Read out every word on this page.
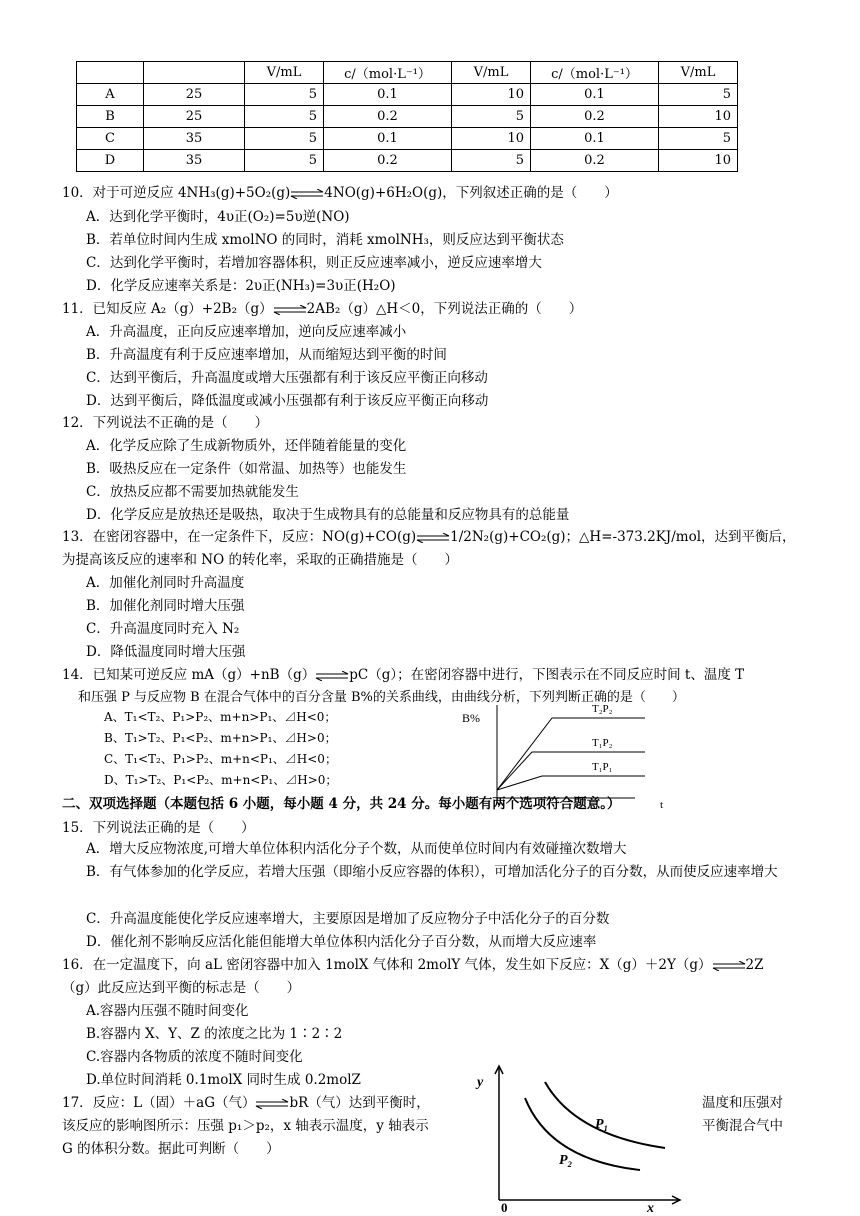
		V/mL	c/（mol·L⁻¹）	V/mL	c/（mol·L⁻¹）	V/mL
A	25	5	0.1	10	0.1	5
B	25	5	0.2	5	0.2	10
C	35	5	0.1	10	0.1	5
D	35	5	0.2	5	0.2	10
10．对于可逆反应 4NH₃(g)+5O₂(g)⇌4NO(g)+6H₂O(g)，下列叙述正确的是（　　）
A．达到化学平衡时，4υ正(O₂)=5υ逆(NO)
B．若单位时间内生成 xmolNO 的同时，消耗 xmolNH₃，则反应达到平衡状态
C．达到化学平衡时，若增加容器体积，则正反应速率减小，逆反应速率增大
D．化学反应速率关系是：2υ正(NH₃)=3υ正(H₂O)
11．已知反应 A₂（g）+2B₂（g）⇌2AB₂（g）△H＜0，下列说法正确的（　　）
A．升高温度，正向反应速率增加，逆向反应速率减小
B．升高温度有利于反应速率增加，从而缩短达到平衡的时间
C．达到平衡后，升高温度或增大压强都有利于该反应平衡正向移动
D．达到平衡后，降低温度或减小压强都有利于该反应平衡正向移动
12．下列说法不正确的是（　　）
A．化学反应除了生成新物质外，还伴随着能量的变化
B．吸热反应在一定条件（如常温、加热等）也能发生
C．放热反应都不需要加热就能发生
D．化学反应是放热还是吸热，取决于生成物具有的总能量和反应物具有的总能量
13．在密闭容器中，在一定条件下，反应：NO(g)+CO(g)⇌1/2N₂(g)+CO₂(g)；△H=-373.2KJ/mol，达到平衡后，
为提高该反应的速率和 NO 的转化率，采取的正确措施是（　　）
A．加催化剂同时升高温度
B．加催化剂同时增大压强
C．升高温度同时充入 N₂
D．降低温度同时增大压强
14．已知某可逆反应 mA（g）+nB（g）⇌pC（g）；在密闭容器中进行，下图表示在不同反应时间 t、温度 T
和压强 P 与反应物 B 在混合气体中的百分含量 B%的关系曲线，由曲线分析，下列判断正确的是（　　）
A、T₁<T₂、P₁>P₂、m+n>P₁、⊿H<0；
B、T₁>T₂、P₁<P₂、m+n>P₁、⊿H>0；
C、T₁<T₂、P₁>P₂、m+n<P₁、⊿H<0；
D、T₁>T₂、P₁<P₂、m+n<P₁、⊿H>0；
B%
T₂P₂
T₁P₂
T₁P₁
t
二、双项选择题（本题包括 6 小题，每小题 4 分，共 24 分。每小题有两个选项符合题意。）
15．下列说法正确的是（　　）
A．增大反应物浓度,可增大单位体积内活化分子个数，从而使单位时间内有效碰撞次数增大
B．有气体参加的化学反应，若增大压强（即缩小反应容器的体积），可增加活化分子的百分数，从而使反应速率增大
C．升高温度能使化学反应速率增大，主要原因是增加了反应物分子中活化分子的百分数
D．催化剂不影响反应活化能但能增大单位体积内活化分子百分数，从而增大反应速率
16．在一定温度下，向 aL 密闭容器中加入 1molX 气体和 2molY 气体，发生如下反应：X（g）＋2Y（g）⇌2Z
（g）此反应达到平衡的标志是（　　）
A.容器内压强不随时间变化
B.容器内 X、Y、Z 的浓度之比为 1∶2∶2
C.容器内各物质的浓度不随时间变化
D.单位时间消耗 0.1molX 同时生成 0.2molZ
17．反应：L（固）＋aG（气）⇌bR（气）达到平衡时，
该反应的影响图所示：压强 p₁＞p₂，x 轴表示温度，y 轴表示
G 的体积分数。据此可判断（　　）
温度和压强对
平衡混合气中
y
P₁
P₂
0	x
